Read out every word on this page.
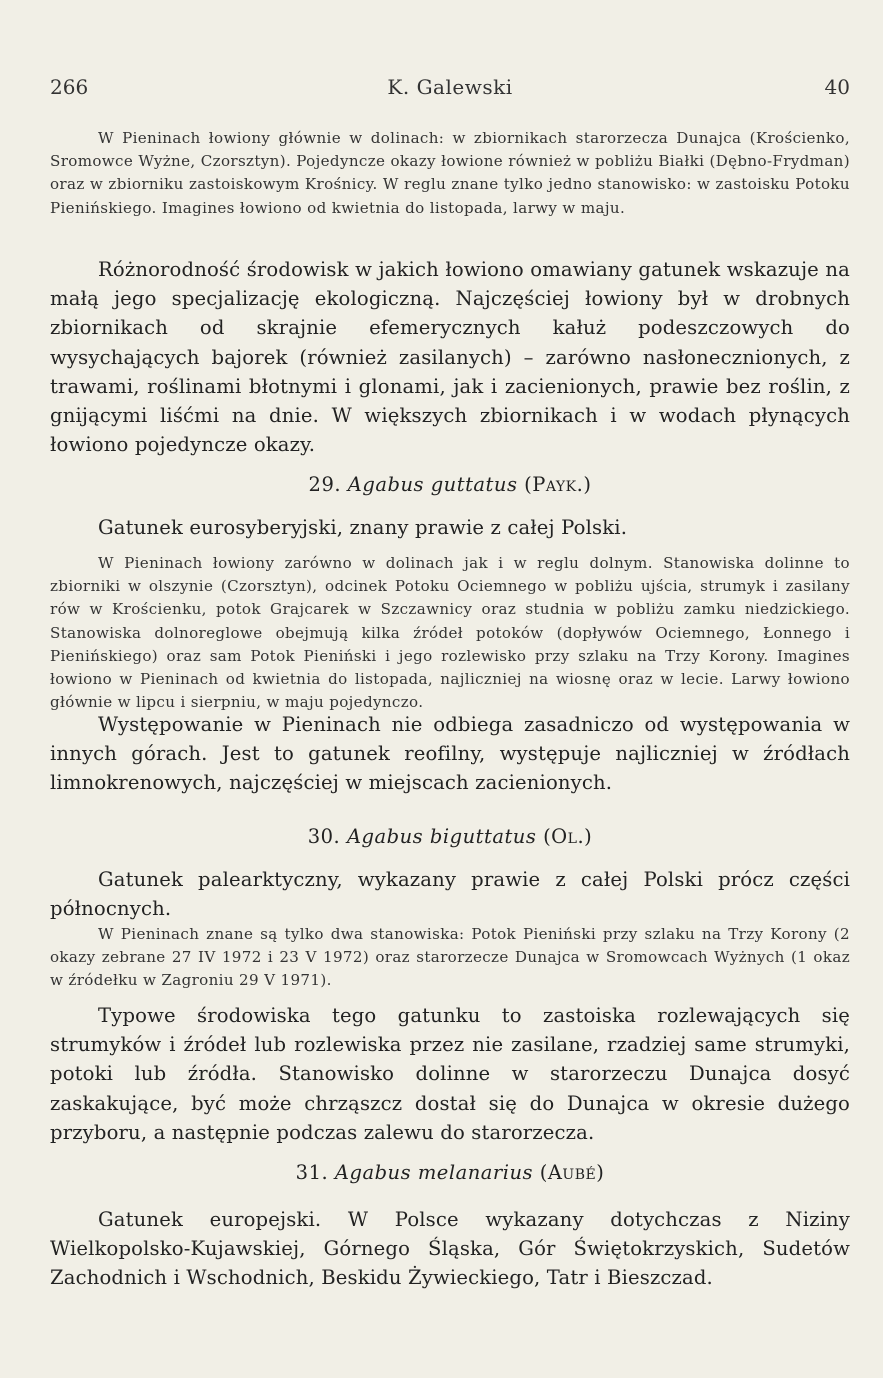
266	K. Galewski	40

W Pieninach łowiony głównie w dolinach: w zbiornikach starorzecza Dunajca (Krościenko, Sromowce Wyżne, Czorsztyn). Pojedyncze okazy łowione również w pobliżu Białki (Dębno-Frydman) oraz w zbiorniku zastoiskowym Krośnicy. W reglu znane tylko jedno stanowisko: w zastoisku Potoku Pienińskiego. Imagines łowiono od kwietnia do listopada, larwy w maju.

Różnorodność środowisk w jakich łowiono omawiany gatunek wskazuje na małą jego specjalizację ekologiczną. Najczęściej łowiony był w drobnych zbiornikach od skrajnie efemerycznych kałuż podeszczowych do wysychających bajorek (również zasilanych) – zarówno nasłonecznionych, z trawami, roślinami błotnymi i glonami, jak i zacienionych, prawie bez roślin, z gnijącymi liśćmi na dnie. W większych zbiornikach i w wodach płynących łowiono pojedyncze okazy.

29. Agabus guttatus (Payk.)

Gatunek eurosyberyjski, znany prawie z całej Polski.

W Pieninach łowiony zarówno w dolinach jak i w reglu dolnym. Stanowiska dolinne to zbiorniki w olszynie (Czorsztyn), odcinek Potoku Ociemnego w pobliżu ujścia, strumyk i zasilany rów w Krościenku, potok Grajcarek w Szczawnicy oraz studnia w pobliżu zamku niedzickiego. Stanowiska dolnoreglowe obejmują kilka źródeł potoków (dopływów Ociemnego, Łonnego i Pienińskiego) oraz sam Potok Pieniński i jego rozlewisko przy szlaku na Trzy Korony. Imagines łowiono w Pieninach od kwietnia do listopada, najliczniej na wiosnę oraz w lecie. Larwy łowiono głównie w lipcu i sierpniu, w maju pojedynczo.

Występowanie w Pieninach nie odbiega zasadniczo od występowania w innych górach. Jest to gatunek reofilny, występuje najliczniej w źródłach limnokrenowych, najczęściej w miejscach zacienionych.

30. Agabus biguttatus (Ol.)

Gatunek palearktyczny, wykazany prawie z całej Polski prócz części północnych.

W Pieninach znane są tylko dwa stanowiska: Potok Pieniński przy szlaku na Trzy Korony (2 okazy zebrane 27 IV 1972 i 23 V 1972) oraz starorzecze Dunajca w Sromowcach Wyżnych (1 okaz w źródełku w Zagroniu 29 V 1971).

Typowe środowiska tego gatunku to zastoiska rozlewających się strumyków i źródeł lub rozlewiska przez nie zasilane, rzadziej same strumyki, potoki lub źródła. Stanowisko dolinne w starorzeczu Dunajca dosyć zaskakujące, być może chrząszcz dostał się do Dunajca w okresie dużego przyboru, a następnie podczas zalewu do starorzecza.

31. Agabus melanarius (Aubé)

Gatunek europejski. W Polsce wykazany dotychczas z Niziny Wielkopolsko-Kujawskiej, Górnego Śląska, Gór Świętokrzyskich, Sudetów Zachodnich i Wschodnich, Beskidu Żywieckiego, Tatr i Bieszczad.
